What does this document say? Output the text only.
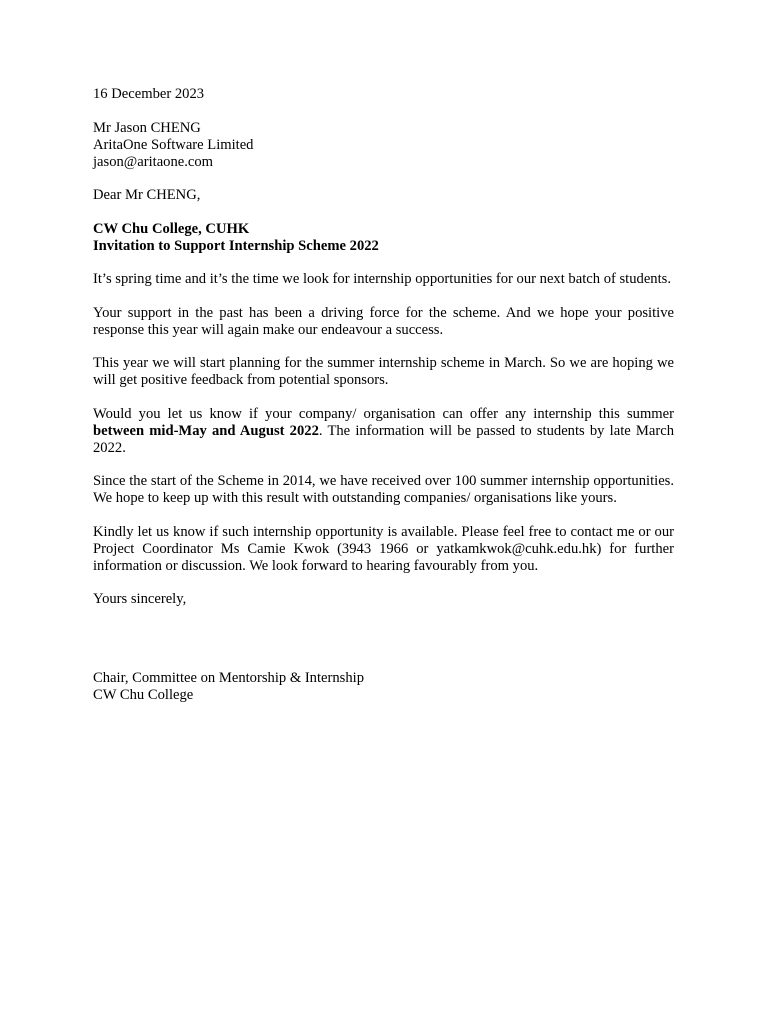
16 December 2023
Mr Jason CHENG
AritaOne Software Limited
jason@aritaone.com
Dear Mr CHENG,
CW Chu College, CUHK
Invitation to Support Internship Scheme 2022
It’s spring time and it’s the time we look for internship opportunities for our next batch of students.
Your support in the past has been a driving force for the scheme. And we hope your positive response this year will again make our endeavour a success.
This year we will start planning for the summer internship scheme in March. So we are hoping we will get positive feedback from potential sponsors.
Would you let us know if your company/ organisation can offer any internship this summer between mid-May and August 2022. The information will be passed to students by late March 2022.
Since the start of the Scheme in 2014, we have received over 100 summer internship opportunities. We hope to keep up with this result with outstanding companies/ organisations like yours.
Kindly let us know if such internship opportunity is available. Please feel free to contact me or our Project Coordinator Ms Camie Kwok (3943 1966 or yatkamkwok@cuhk.edu.hk) for further information or discussion. We look forward to hearing favourably from you.
Yours sincerely,
Chair, Committee on Mentorship & Internship
CW Chu College
